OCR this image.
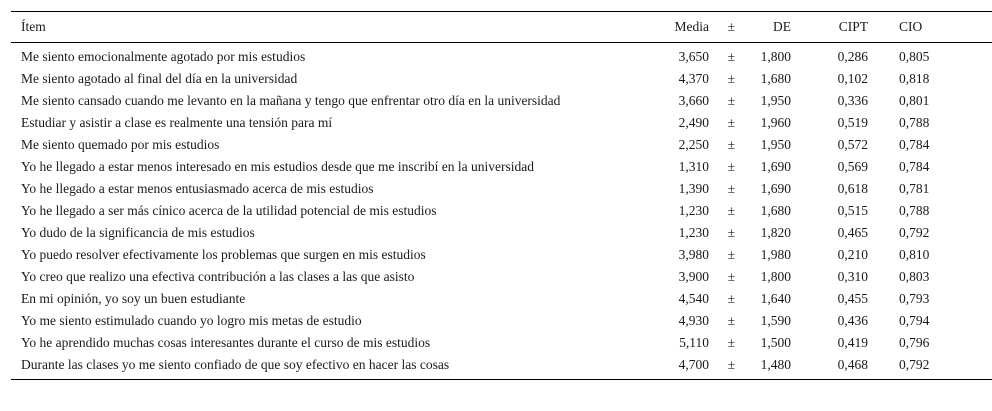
Ítem	Media	±	DE	CIPT	CIO
Me siento emocionalmente agotado por mis estudios	3,650	±	1,800	0,286	0,805
Me siento agotado al final del día en la universidad	4,370	±	1,680	0,102	0,818
Me siento cansado cuando me levanto en la mañana y tengo que enfrentar otro día en la universidad	3,660	±	1,950	0,336	0,801
Estudiar y asistir a clase es realmente una tensión para mí	2,490	±	1,960	0,519	0,788
Me siento quemado por mis estudios	2,250	±	1,950	0,572	0,784
Yo he llegado a estar menos interesado en mis estudios desde que me inscribí en la universidad	1,310	±	1,690	0,569	0,784
Yo he llegado a estar menos entusiasmado acerca de mis estudios	1,390	±	1,690	0,618	0,781
Yo he llegado a ser más cínico acerca de la utilidad potencial de mis estudios	1,230	±	1,680	0,515	0,788
Yo dudo de la significancia de mis estudios	1,230	±	1,820	0,465	0,792
Yo puedo resolver efectivamente los problemas que surgen en mis estudios	3,980	±	1,980	0,210	0,810
Yo creo que realizo una efectiva contribución a las clases a las que asisto	3,900	±	1,800	0,310	0,803
En mi opinión, yo soy un buen estudiante	4,540	±	1,640	0,455	0,793
Yo me siento estimulado cuando yo logro mis metas de estudio	4,930	±	1,590	0,436	0,794
Yo he aprendido muchas cosas interesantes durante el curso de mis estudios	5,110	±	1,500	0,419	0,796
Durante las clases yo me siento confiado de que soy efectivo en hacer las cosas	4,700	±	1,480	0,468	0,792
